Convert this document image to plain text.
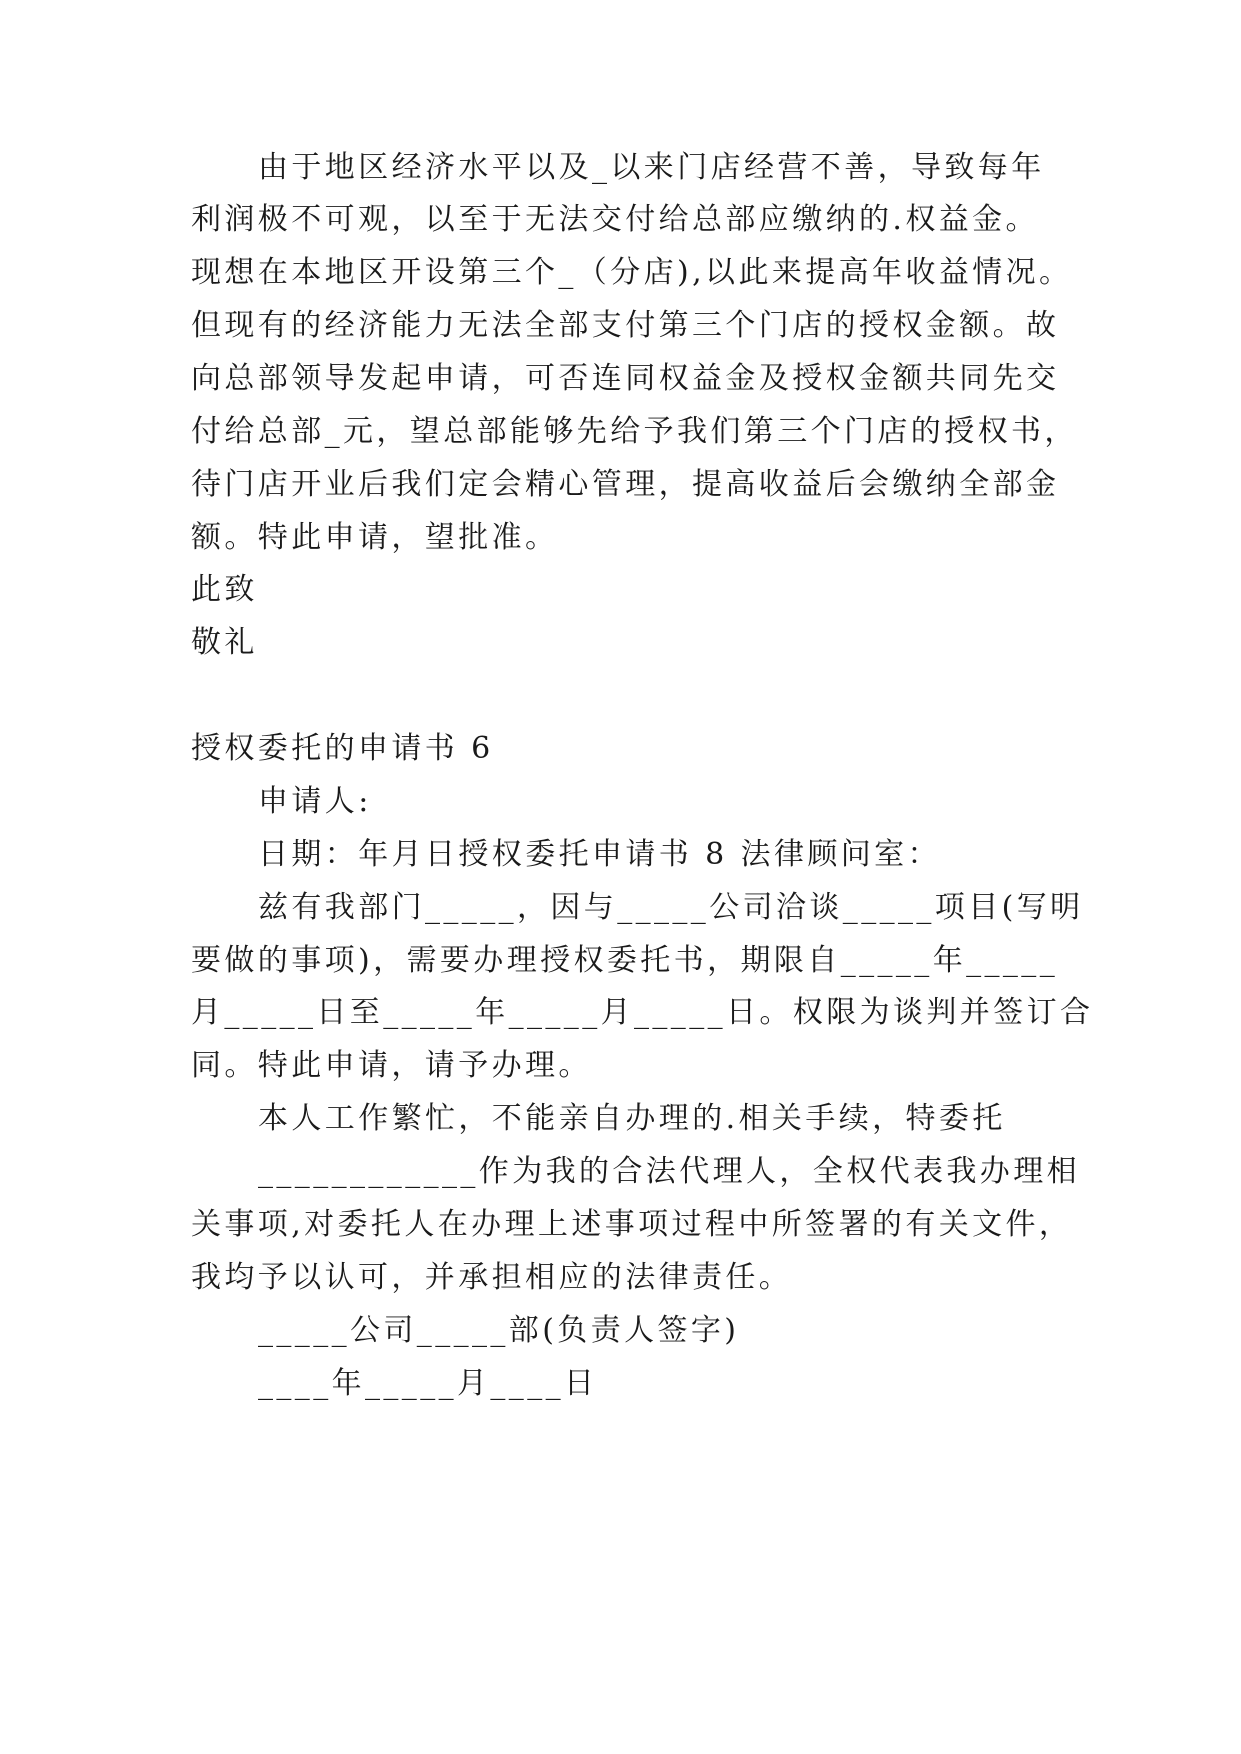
由于地区经济水平以及_以来门店经营不善，导致每年
利润极不可观，以至于无法交付给总部应缴纳的.权益金。
现想在本地区开设第三个_（分店),以此来提高年收益情况。
但现有的经济能力无法全部支付第三个门店的授权金额。故
向总部领导发起申请，可否连同权益金及授权金额共同先交
付给总部_元，望总部能够先给予我们第三个门店的授权书，
待门店开业后我们定会精心管理，提高收益后会缴纳全部金
额。特此申请，望批准。
此致
敬礼
授权委托的申请书 6
申请人:
日期：年月日授权委托申请书 8 法律顾问室：
兹有我部门_____，因与_____公司洽谈_____项目(写明
要做的事项)，需要办理授权委托书，期限自_____年_____
月_____日至_____年_____月_____日。权限为谈判并签订合
同。特此申请，请予办理。
本人工作繁忙，不能亲自办理的.相关手续，特委托
____________作为我的合法代理人，全权代表我办理相
关事项,对委托人在办理上述事项过程中所签署的有关文件，
我均予以认可，并承担相应的法律责任。
_____公司_____部(负责人签字)
____年_____月____日
